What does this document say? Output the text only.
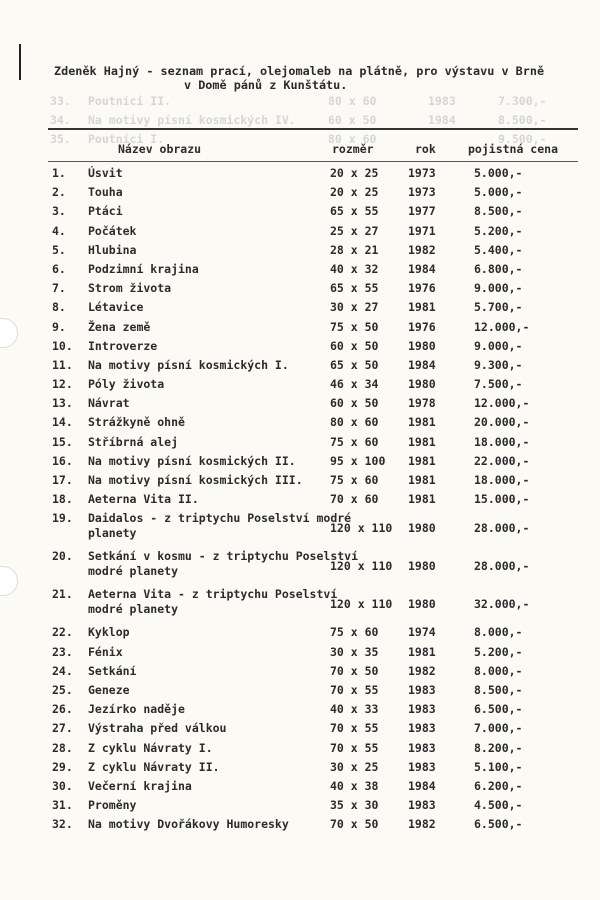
33. Poutníci II.	80 x 60	1983	7.300,-
34. Na motivy písní kosmických IV.	60 x 50	1984	8.500,-
35. Poutníci I.	80 x 60	9.500,-
Zdeněk Hajný - seznam prací, olejomaleb na plátně, pro výstavu v Brně
v Domě pánů z Kunštátu.
Název obrazu	rozměr	rok	pojistná cena
1. Úsvit	20 x 25	1973	5.000,-
2. Touha	20 x 25	1973	5.000,-
3. Ptáci	65 x 55	1977	8.500,-
4. Počátek	25 x 27	1971	5.200,-
5. Hlubina	28 x 21	1982	5.400,-
6. Podzimní krajina	40 x 32	1984	6.800,-
7. Strom života	65 x 55	1976	9.000,-
8. Létavice	30 x 27	1981	5.700,-
9. Žena země	75 x 50	1976	12.000,-
10. Introverze	60 x 50	1980	9.000,-
11. Na motivy písní kosmických I.	65 x 50	1984	9.300,-
12. Póly života	46 x 34	1980	7.500,-
13. Návrat	60 x 50	1978	12.000,-
14. Strážkyně ohně	80 x 60	1981	20.000,-
15. Stříbrná alej	75 x 60	1981	18.000,-
16. Na motivy písní kosmických II.	95 x 100 1981	22.000,-
17. Na motivy písní kosmických III.	75 x 60	1981	18.000,-
18. Aeterna Vita II.	70 x 60	1981	15.000,-
19. Daidalos - z triptychu Poselství modré planety	120 x 110 1980	28.000,-
20. Setkání v kosmu - z triptychu Poselství modré planety	120 x 110 1980	28.000,-
21. Aeterna Vita - z triptychu Poselství modré planety	120 x 110 1980	32.000,-
22. Kyklop	75 x 60	1974	8.000,-
23. Fénix	30 x 35	1981	5.200,-
24. Setkání	70 x 50	1982	8.000,-
25. Geneze	70 x 55	1983	8.500,-
26. Jezírko naděje	40 x 33	1983	6.500,-
27. Výstraha před válkou	70 x 55	1983	7.000,-
28. Z cyklu Návraty I.	70 x 55	1983	8.200,-
29. Z cyklu Návraty II.	30 x 25	1983	5.100,-
30. Večerní krajina	40 x 38	1984	6.200,-
31. Proměny	35 x 30	1983	4.500,-
32. Na motivy Dvořákovy Humoresky	70 x 50	1982	6.500,-
